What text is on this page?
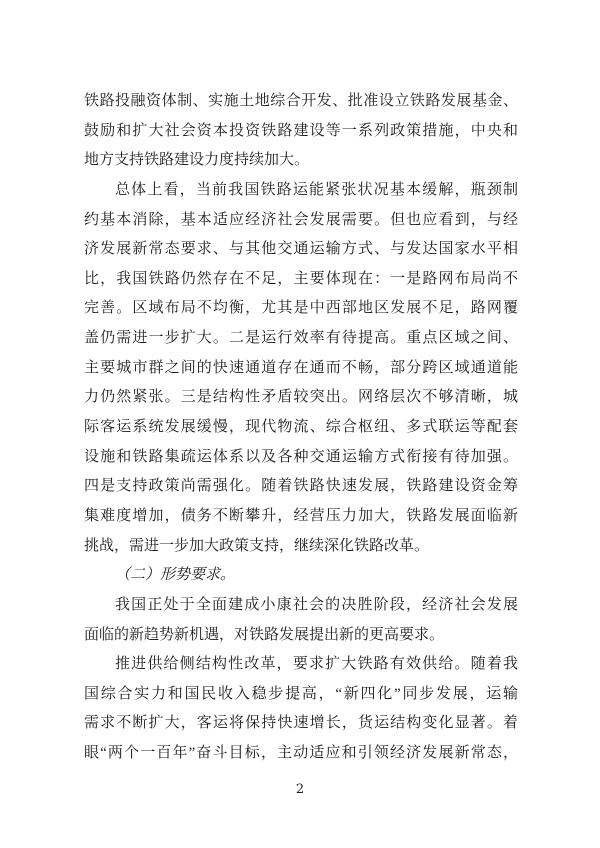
铁路投融资体制、实施土地综合开发、批准设立铁路发展基金、
鼓励和扩大社会资本投资铁路建设等一系列政策措施，中央和
地方支持铁路建设力度持续加大。
总体上看，当前我国铁路运能紧张状况基本缓解，瓶颈制
约基本消除，基本适应经济社会发展需要。但也应看到，与经
济发展新常态要求、与其他交通运输方式、与发达国家水平相
比，我国铁路仍然存在不足，主要体现在：一是路网布局尚不
完善。区域布局不均衡，尤其是中西部地区发展不足，路网覆
盖仍需进一步扩大。二是运行效率有待提高。重点区域之间、
主要城市群之间的快速通道存在通而不畅，部分跨区域通道能
力仍然紧张。三是结构性矛盾较突出。网络层次不够清晰，城
际客运系统发展缓慢，现代物流、综合枢纽、多式联运等配套
设施和铁路集疏运体系以及各种交通运输方式衔接有待加强。
四是支持政策尚需强化。随着铁路快速发展，铁路建设资金筹
集难度增加，债务不断攀升，经营压力加大，铁路发展面临新
挑战，需进一步加大政策支持，继续深化铁路改革。
（二）形势要求。
我国正处于全面建成小康社会的决胜阶段，经济社会发展
面临的新趋势新机遇，对铁路发展提出新的更高要求。
推进供给侧结构性改革，要求扩大铁路有效供给。随着我
国综合实力和国民收入稳步提高，“新四化”同步发展，运输
需求不断扩大，客运将保持快速增长，货运结构变化显著。着
眼“两个一百年”奋斗目标，主动适应和引领经济发展新常态，
2
